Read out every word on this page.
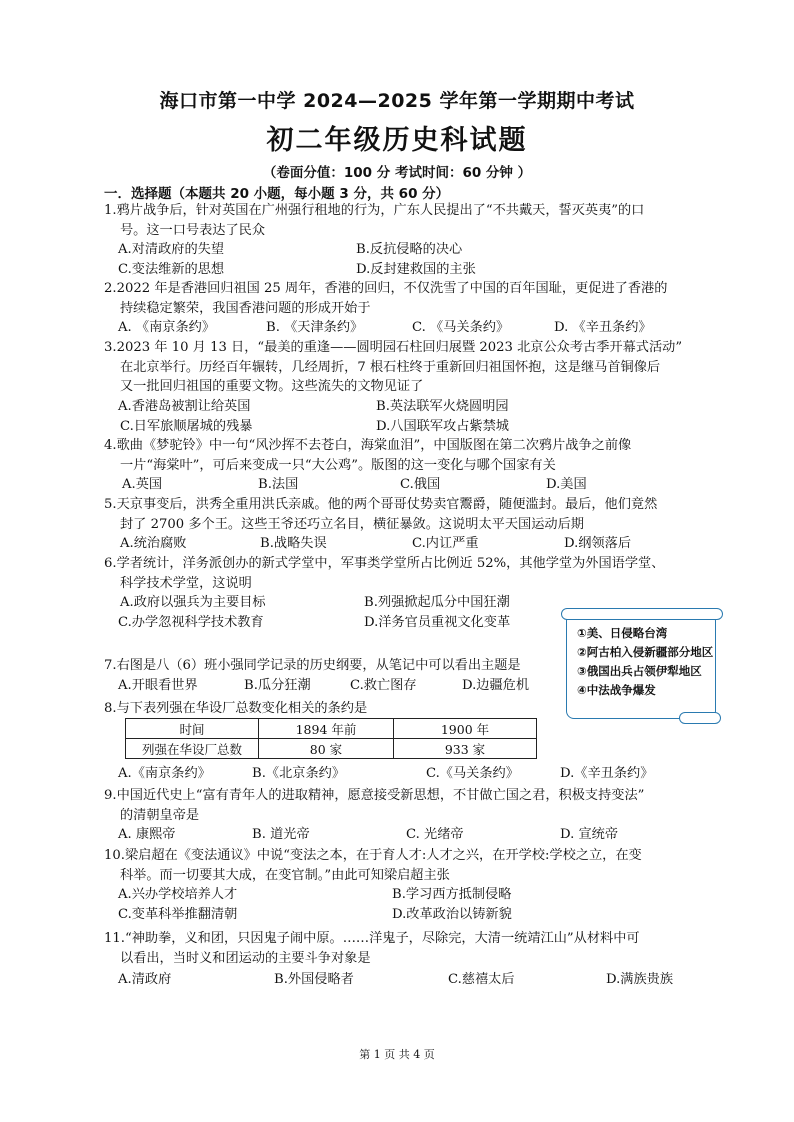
海口市第一中学 2024—2025 学年第一学期期中考试
初二年级历史科试题
（卷面分值：100 分 考试时间：60 分钟 ）
一．选择题（本题共 20 小题，每小题 3 分，共 60 分）
1.鸦片战争后，针对英国在广州强行租地的行为，广东人民提出了“不共戴天，誓灭英夷”的口
号。这一口号表达了民众
A.对清政府的失望	B.反抗侵略的决心
C.变法维新的思想	D.反封建救国的主张
2.2022 年是香港回归祖国 25 周年，香港的回归，不仅洗雪了中国的百年国耻，更促进了香港的
持续稳定繁荣，我国香港问题的形成开始于
A. 《南京条约》	B. 《天津条约》	C. 《马关条约》	D. 《辛丑条约》
3.2023 年 10 月 13 日，“最美的重逢——圆明园石柱回归展暨 2023 北京公众考古季开幕式活动”
在北京举行。历经百年辗转，几经周折，7 根石柱终于重新回归祖国怀抱，这是继马首铜像后
又一批回归祖国的重要文物。这些流失的文物见证了
A.香港岛被割让给英国	B.英法联军火烧圆明园
C.日军旅顺屠城的残暴	D.八国联军攻占紫禁城
4.歌曲《梦驼铃》中一句“风沙挥不去苍白，海棠血泪”，中国版图在第二次鸦片战争之前像
一片“海棠叶”，可后来变成一只“大公鸡”。版图的这一变化与哪个国家有关
A.英国	B.法国	C.俄国	D.美国
5.天京事变后，洪秀全重用洪氏亲戚。他的两个哥哥仗势卖官鬻爵，随便滥封。最后，他们竟然
封了 2700 多个王。这些王爷还巧立名目，横征暴敛。这说明太平天国运动后期
A.统治腐败	B.战略失误	C.内讧严重	D.纲领落后
6.学者统计，洋务派创办的新式学堂中，军事类学堂所占比例近 52%，其他学堂为外国语学堂、
科学技术学堂，这说明
A.政府以强兵为主要目标	B.列强掀起瓜分中国狂潮
C.办学忽视科学技术教育	D.洋务官员重视文化变革
7.右图是八（6）班小强同学记录的历史纲要，从笔记中可以看出主题是
A.开眼看世界	B.瓜分狂潮	C.救亡图存	D.边疆危机
①美、日侵略台湾
②阿古柏入侵新疆部分地区
③俄国出兵占领伊犁地区
④中法战争爆发
8.与下表列强在华设厂总数变化相关的条约是
时间	1894 年前	1900 年
列强在华设厂总数	80 家	933 家
A.《南京条约》	B.《北京条约》	C.《马关条约》	D.《辛丑条约》
9.中国近代史上“富有青年人的进取精神，愿意接受新思想，不甘做亡国之君，积极支持变法”
的清朝皇帝是
A. 康熙帝	B. 道光帝	C. 光绪帝	D. 宣统帝
10.梁启超在《变法通议》中说“变法之本，在于育人才:人才之兴，在开学校:学校之立，在变
科举。而一切要其大成，在变官制。”由此可知梁启超主张
A.兴办学校培养人才	B.学习西方抵制侵略
C.变革科举推翻清朝	D.改革政治以铸新貌
11.“神助拳，义和团，只因鬼子闹中原。……洋鬼子，尽除完，大清一统靖江山”从材料中可
以看出，当时义和团运动的主要斗争对象是
A.清政府	B.外国侵略者	C.慈禧太后	D.满族贵族
第 1 页 共 4 页
